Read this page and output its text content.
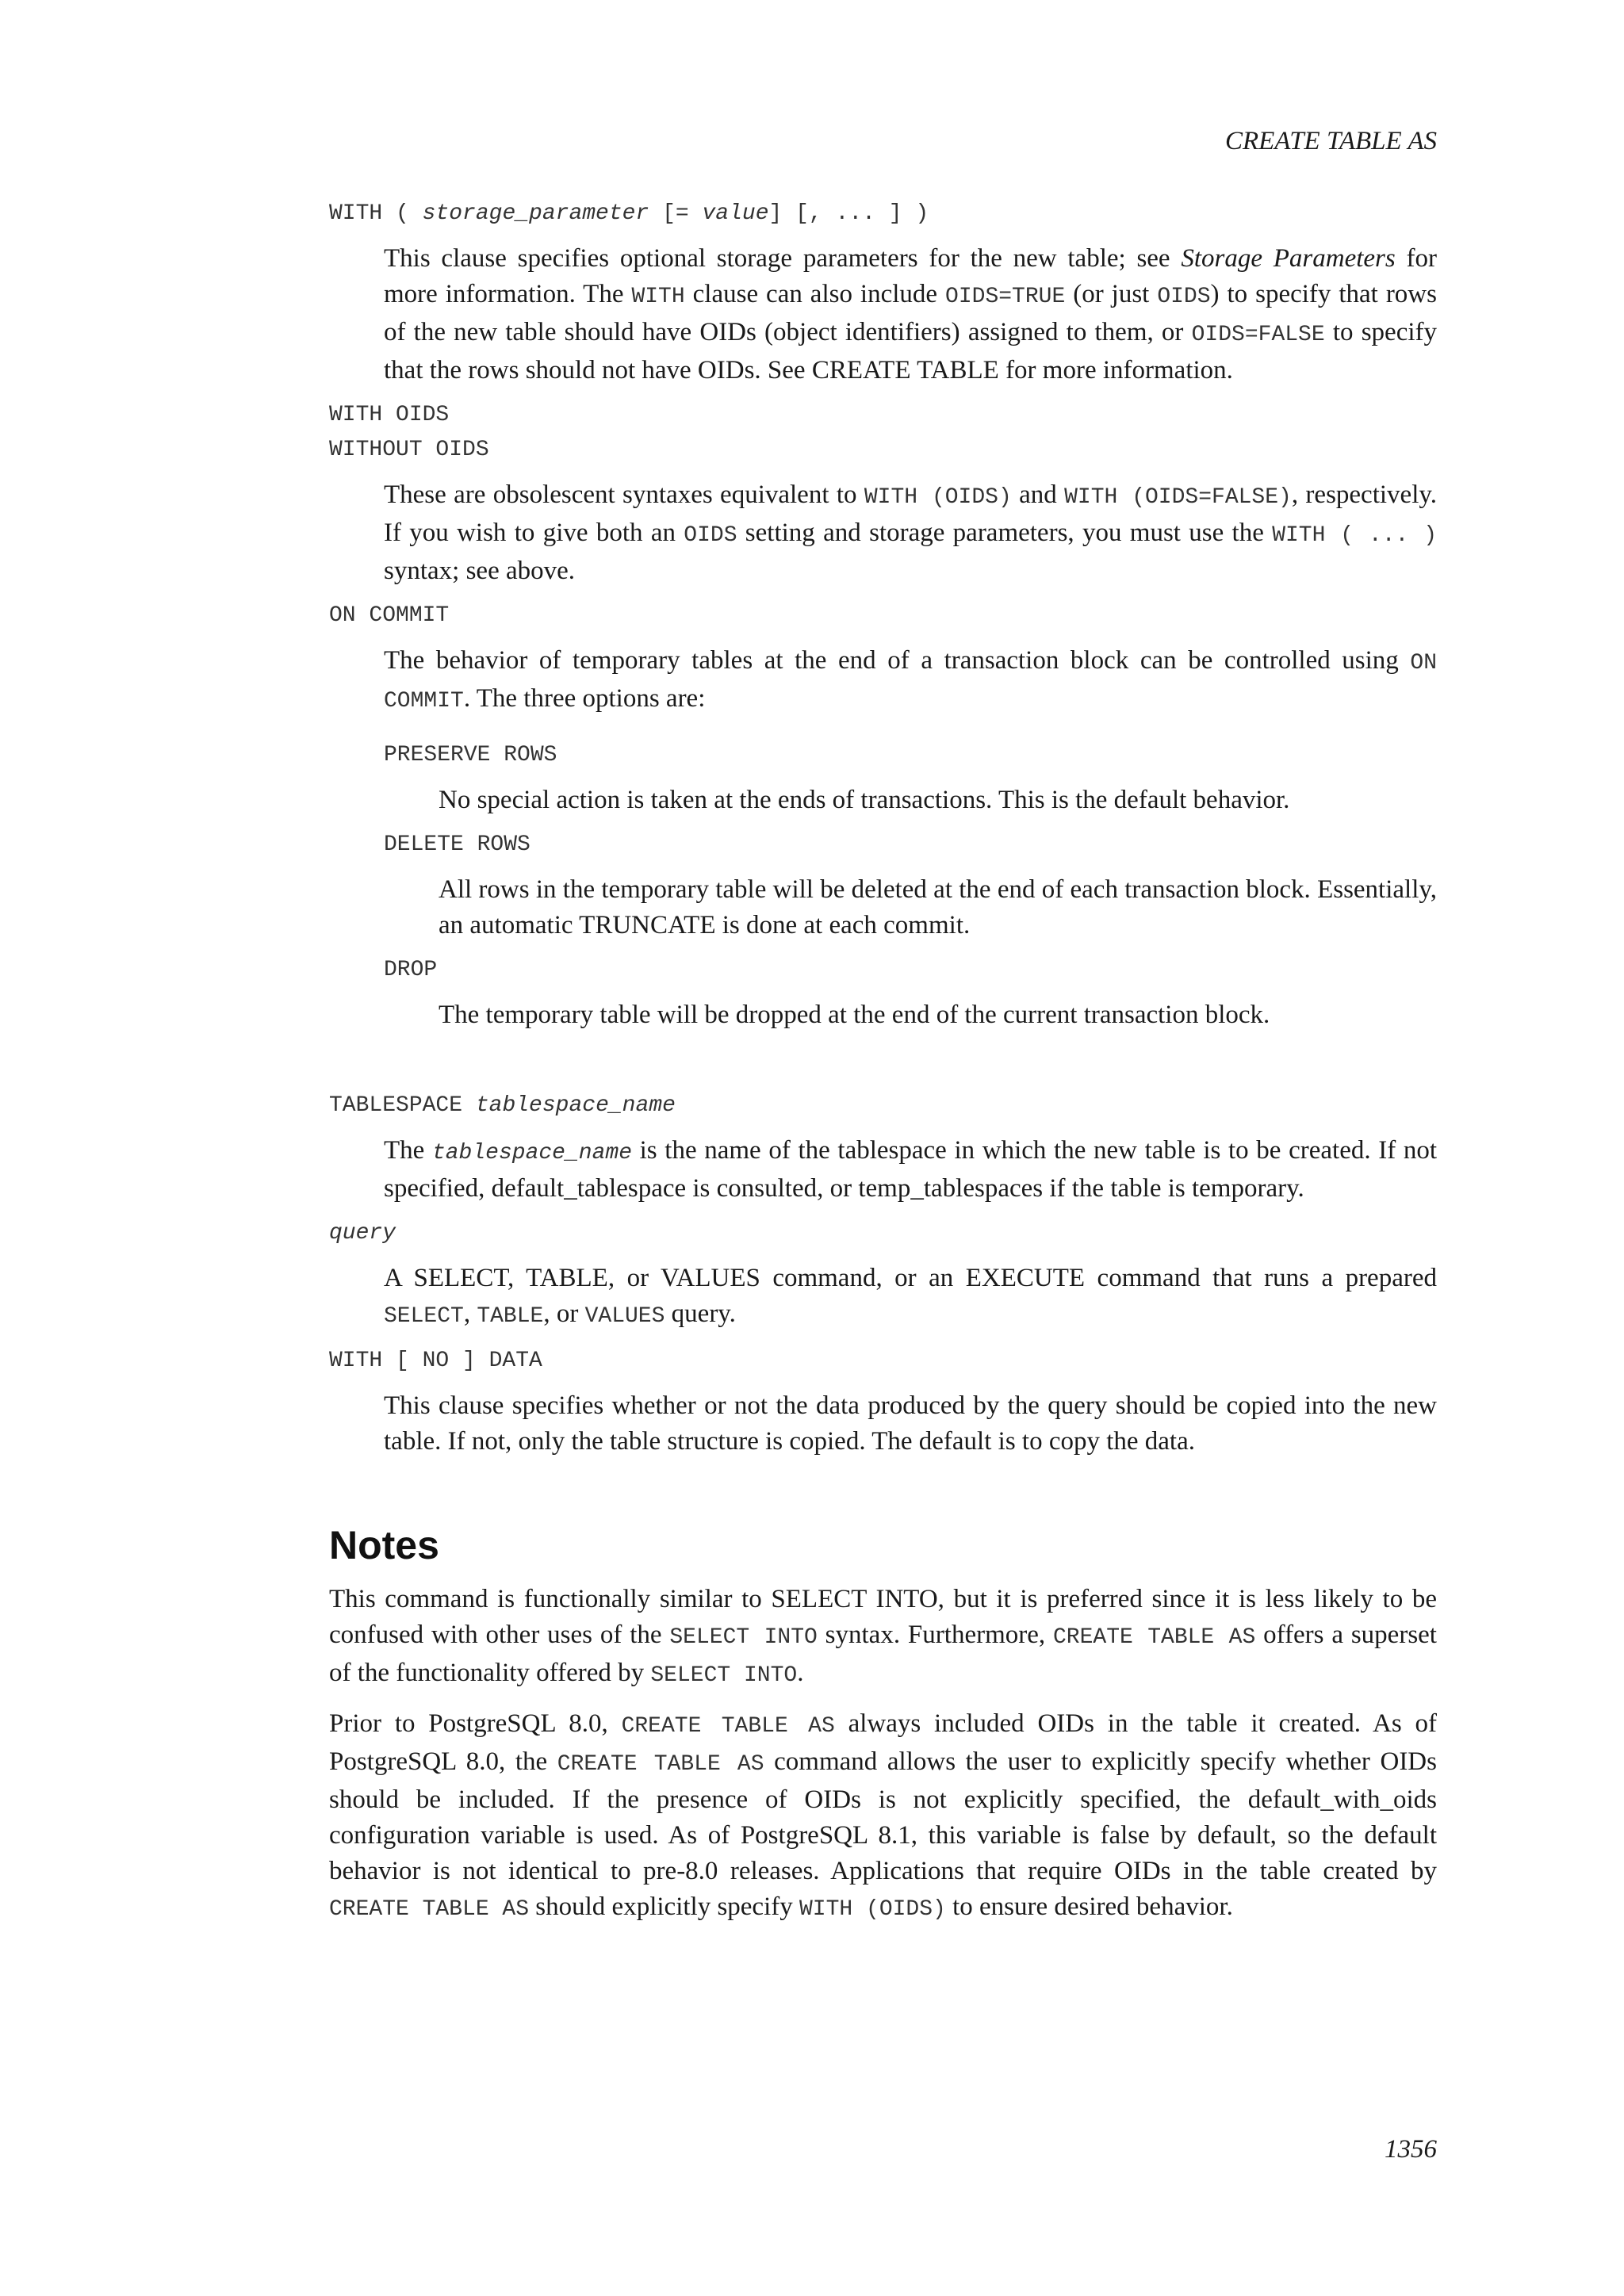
CREATE TABLE AS
WITH ( storage_parameter [= value] [, ... ] )

This clause specifies optional storage parameters for the new table; see Storage Parameters for more information. The WITH clause can also include OIDS=TRUE (or just OIDS) to specify that rows of the new table should have OIDs (object identifiers) assigned to them, or OIDS=FALSE to specify that the rows should not have OIDs. See CREATE TABLE for more information.

WITH OIDS
WITHOUT OIDS

These are obsolescent syntaxes equivalent to WITH (OIDS) and WITH (OIDS=FALSE), respectively. If you wish to give both an OIDS setting and storage parameters, you must use the WITH ( ... ) syntax; see above.

ON COMMIT

The behavior of temporary tables at the end of a transaction block can be controlled using ON COMMIT. The three options are:

PRESERVE ROWS

No special action is taken at the ends of transactions. This is the default behavior.

DELETE ROWS

All rows in the temporary table will be deleted at the end of each transaction block. Essentially, an automatic TRUNCATE is done at each commit.

DROP

The temporary table will be dropped at the end of the current transaction block.

TABLESPACE tablespace_name

The tablespace_name is the name of the tablespace in which the new table is to be created. If not specified, default_tablespace is consulted, or temp_tablespaces if the table is temporary.

query

A SELECT, TABLE, or VALUES command, or an EXECUTE command that runs a prepared SELECT, TABLE, or VALUES query.

WITH [ NO ] DATA

This clause specifies whether or not the data produced by the query should be copied into the new table. If not, only the table structure is copied. The default is to copy the data.

Notes

This command is functionally similar to SELECT INTO, but it is preferred since it is less likely to be confused with other uses of the SELECT INTO syntax. Furthermore, CREATE TABLE AS offers a superset of the functionality offered by SELECT INTO.

Prior to PostgreSQL 8.0, CREATE TABLE AS always included OIDs in the table it created. As of PostgreSQL 8.0, the CREATE TABLE AS command allows the user to explicitly specify whether OIDs should be included. If the presence of OIDs is not explicitly specified, the default_with_oids configuration variable is used. As of PostgreSQL 8.1, this variable is false by default, so the default behavior is not identical to pre-8.0 releases. Applications that require OIDs in the table created by CREATE TABLE AS should explicitly specify WITH (OIDS) to ensure desired behavior.

1356
